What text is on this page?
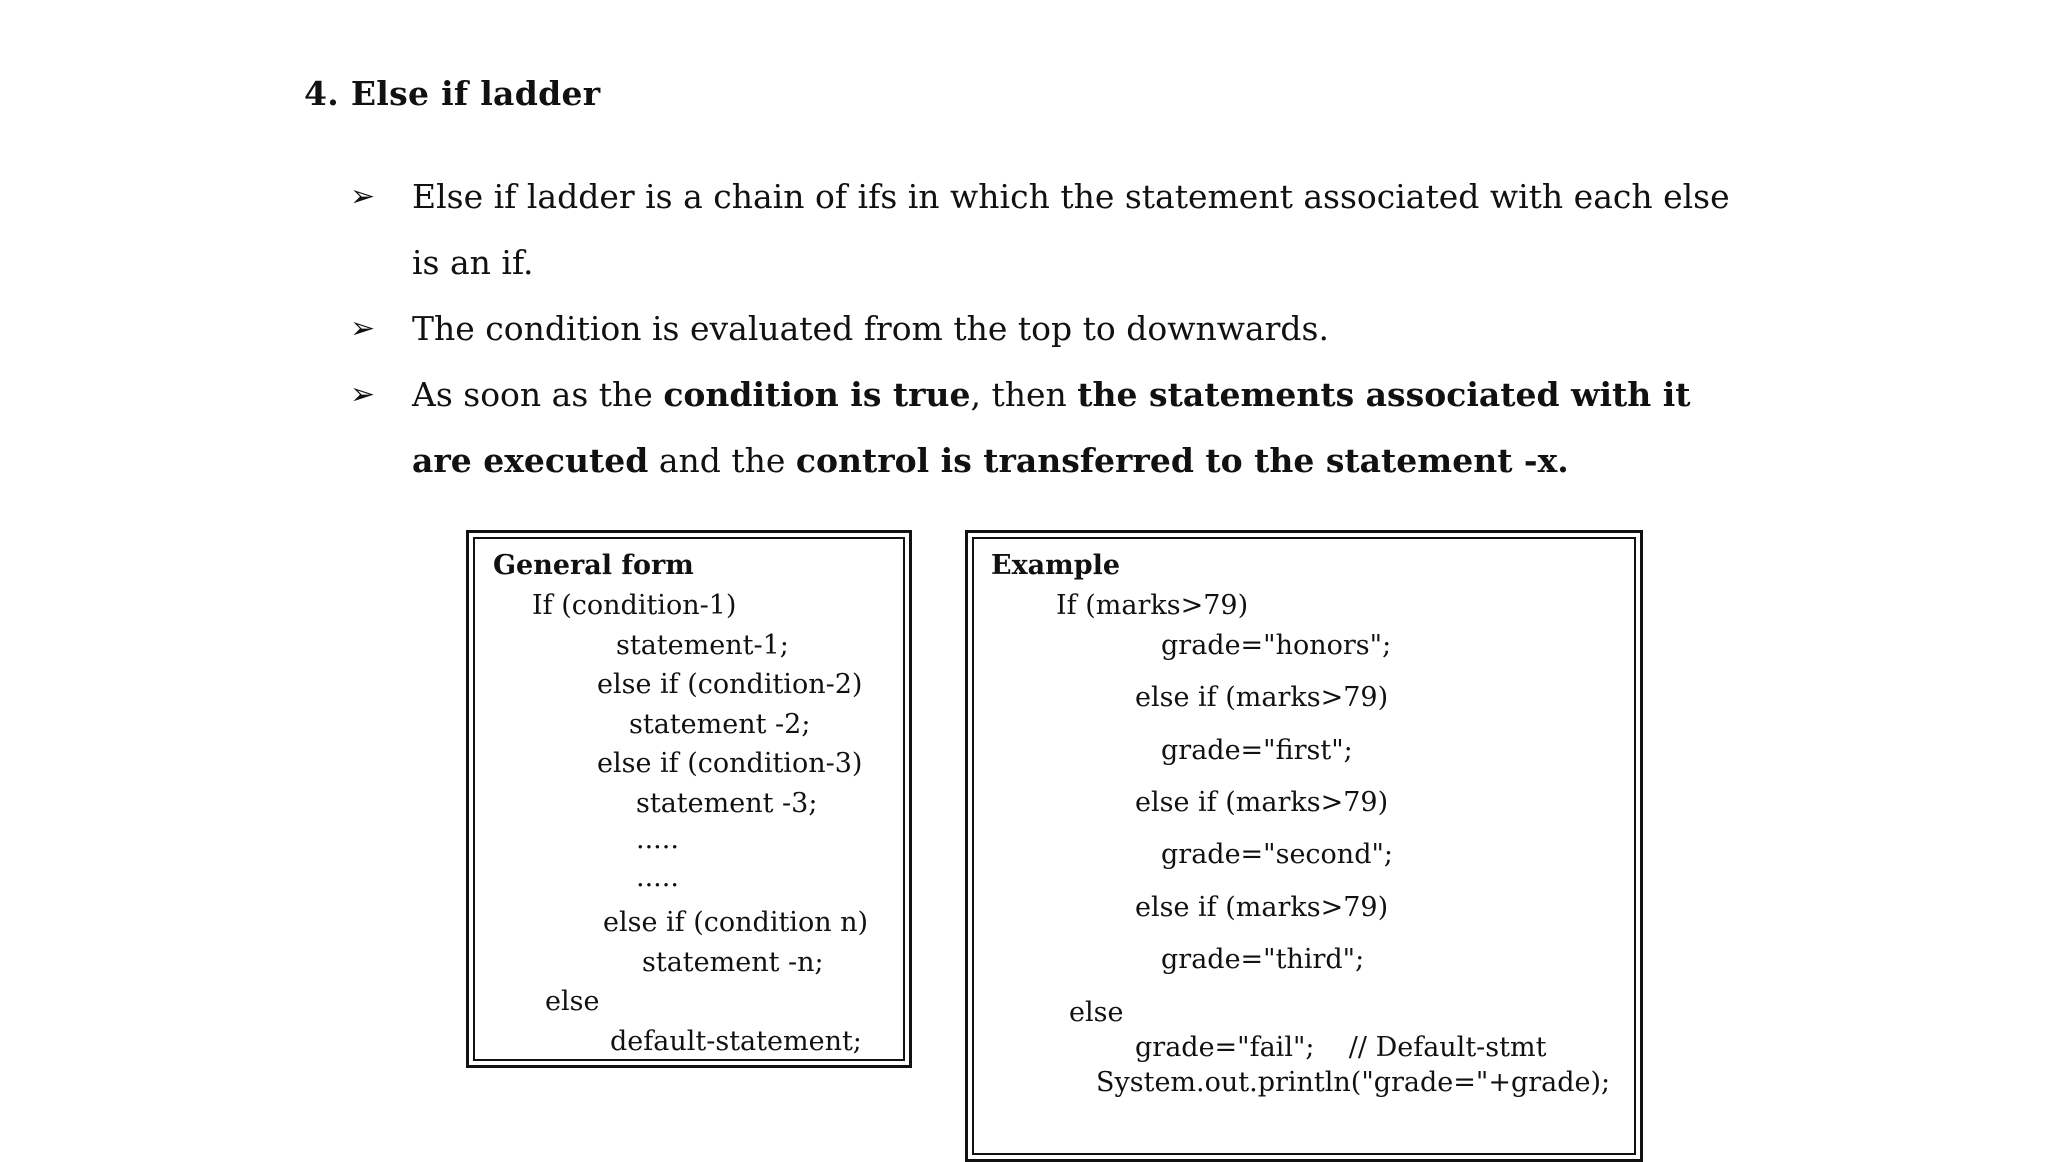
4. Else if ladder
➢ Else if ladder is a chain of ifs in which the statement associated with each else is an if.
➢ The condition is evaluated from the top to downwards.
➢ As soon as the condition is true, then the statements associated with it are executed and the control is transferred to the statement -x.
General form
If (condition-1)
statement-1;
else if (condition-2)
statement -2;
else if (condition-3)
statement -3;
.....
.....
else if (condition n)
statement -n;
else
default-statement;
Example
If (marks>79)
grade="honors";
else if (marks>79)
grade="first";
else if (marks>79)
grade="second";
else if (marks>79)
grade="third";
else
grade="fail";    // Default-stmt
System.out.println("grade="+grade);
